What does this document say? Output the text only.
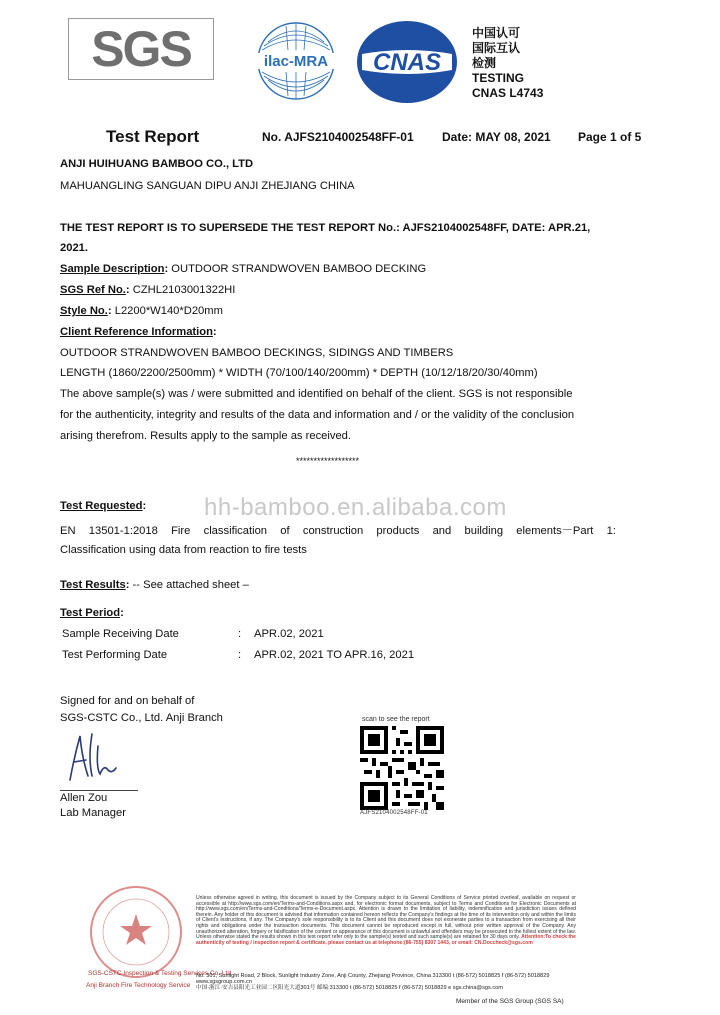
SGS	ilac-MRA CNAS
中国认可
国际互认
检测
TESTING
CNAS L4743
Test Report	No. AJFS2104002548FF-01 Date: MAY 08, 2021 Page 1 of 5
ANJI HUIHUANG BAMBOO CO., LTD
MAHUANGLING SANGUAN DIPU ANJI ZHEJIANG CHINA
THE TEST REPORT IS TO SUPERSEDE THE TEST REPORT No.: AJFS2104002548FF, DATE: APR.21,
2021.
Sample Description: OUTDOOR STRANDWOVEN BAMBOO DECKING
SGS Ref No.: CZHL2103001322HI
Style No.: L2200*W140*D20mm
Client Reference Information:
OUTDOOR STRANDWOVEN BAMBOO DECKINGS, SIDINGS AND TIMBERS
LENGTH (1860/2200/2500mm) * WIDTH (70/100/140/200mm) * DEPTH (10/12/18/20/30/40mm)
The above sample(s) was / were submitted and identified on behalf of the client. SGS is not responsible
for the authenticity, integrity and results of the data and information and / or the validity of the conclusion
arising therefrom. Results apply to the sample as received.
******************
hh-bamboo.en.alibaba.com
Test Requested:
EN 13501-1:2018 Fire classification of construction products and building elements－Part 1:
Classification using data from reaction to fire tests
Test Results: -- See attached sheet –
Test Period:
Sample Receiving Date	: APR.02, 2021
Test Performing Date	: APR.02, 2021 TO APR.16, 2021
Signed for and on behalf of
SGS-CSTC Co., Ltd. Anji Branch
Allen Zou
Lab Manager
scan to see the report
AJFS2104002548FF-01
SGS-CSTC Inspection & Testing Services Co. Ltd
Anji Branch Fire Technology Service
Unless otherwise agreed in writing, this document is issued by the Company subject to its General Conditions of Service printed overleaf, available on request or accessible at http://www.sgs.com/en/Terms-and-Conditions.aspx and, for electronic format documents, subject to Terms and Conditions for Electronic Documents at http://www.sgs.com/en/Terms-and-Conditions/Terms-e-Document.aspx. Attention is drawn to the limitation of liability, indemnification and jurisdiction issues defined therein. Any holder of this document is advised that information contained hereon reflects the Company's findings at the time of its intervention only and within the limits of Client's instructions, if any. The Company's sole responsibility is to its Client and this document does not exonerate parties to a transaction from exercising all their rights and obligations under the transaction documents. This document cannot be reproduced except in full, without prior written approval of the Company. Any unauthorized alteration, forgery or falsification of the content or appearance of this document is unlawful and offenders may be prosecuted to the fullest extent of the law. Unless otherwise stated the results shown in this test report refer only to the sample(s) tested and such sample(s) are retained for 30 days only. Attention:To check the authenticity of testing / inspection report & certificate, please contact us at telephone:(86-755) 8307 1443, or email: CN.Doccheck@sgs.com
No. 301, Sunlight Road, 2 Block, Sunlight Industry Zone, Anji County, Zhejiang Province, China 313300 t (86-572) 5018825 f (86-572) 5018829 www.sgsgroup.com.cn
中国·浙江·安吉县阳光工业园二区阳光大道301号 邮编:313300 t (86-572) 5018825 f (86-572) 5018829 e sgs.china@sgs.com
Member of the SGS Group (SGS SA)
